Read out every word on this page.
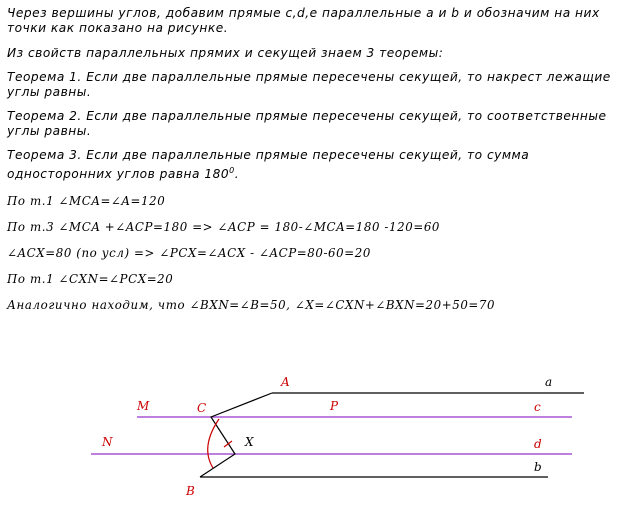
Через вершины углов, добавим прямые c,d,e параллельные a и b и обозначим на них точки как показано на рисунке.

Из свойств параллельных прямих и секущей знаем 3 теоремы:

Теорема 1. Если две параллельные прямые пересечены секущей, то накрест лежащие углы равны.

Теорема 2. Если две параллельные прямые пересечены секущей, то соответственные углы равны.

Теорема 3. Если две параллельные прямые пересечены секущей, то сумма односторонних углов равна $180^0$.

По т.1 ∠MCA=∠A=120

По т.3 ∠MCA +∠ACP=180 => ∠ACP = 180-∠MCA=180 -120=60

∠ACX=80 (по усл) => ∠PCX=∠ACX - ∠ACP=80-60=20

По т.1 ∠CXN=∠PCX=20

Аналогично находим, что ∠BXN=∠B=50, ∠X=∠CXN+∠BXN=20+50=70

A
M	C	P
N	X
B
a
c
d
b
